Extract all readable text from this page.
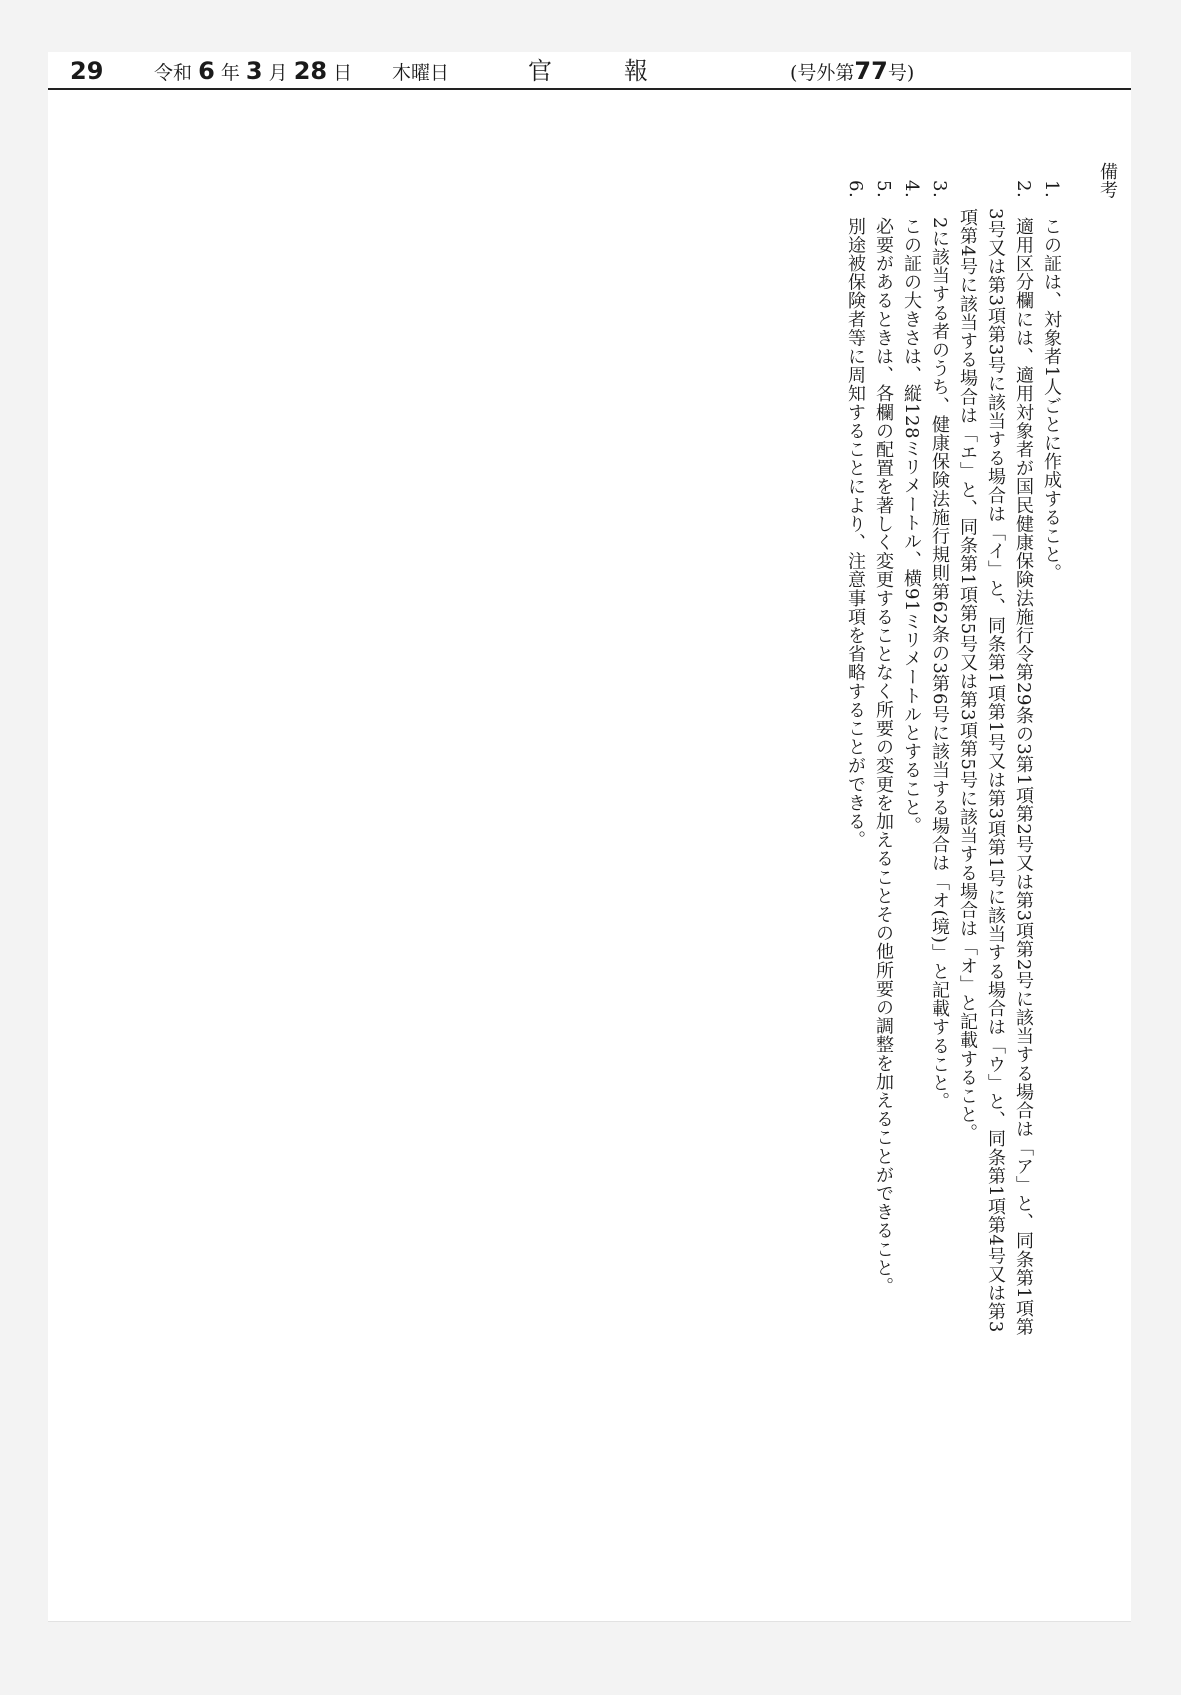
29	令和 6 年 3 月 28 日 木曜日	官報	(号外第77号)
備考
1.　この証は、対象者1人ごとに作成すること。
2.　適用区分欄には、適用対象者が国民健康保険法施行令第29条の3第1項第2号又は第3項第2号に該当する場合は「ア」と、同条第1項第
3号又は第3項第3号に該当する場合は「イ」と、同条第1項第1号又は第3項第1号に該当する場合は「ウ」と、同条第1項第4号又は第3
項第4号に該当する場合は「エ」と、同条第1項第5号又は第3項第5号に該当する場合は「オ」と記載すること。
3.　2に該当する者のうち、健康保険法施行規則第62条の3第6号に該当する場合は「オ(境)」と記載すること。
4.　この証の大きさは、縦128ミリメートル、横91ミリメートルとすること。
5.　必要があるときは、各欄の配置を著しく変更することなく所要の変更を加えることその他所要の調整を加えることができること。
6.　別途被保険者等に周知することにより、注意事項を省略することができる。
